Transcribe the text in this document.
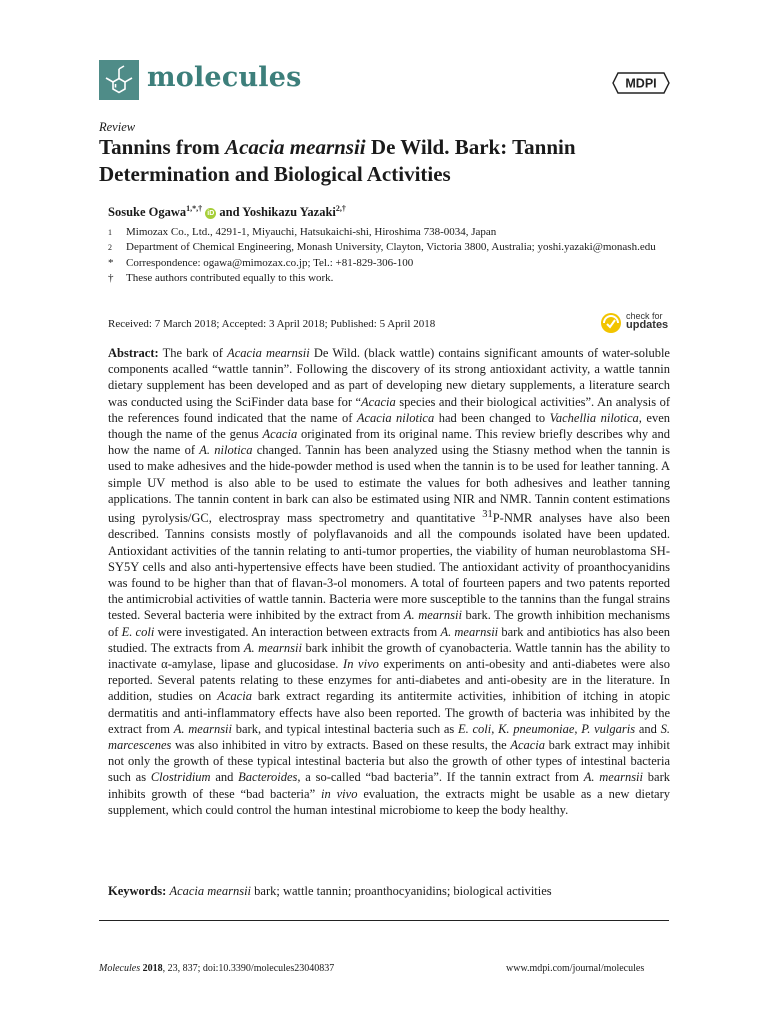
molecules	MDPI
Review
Tannins from Acacia mearnsii De Wild. Bark: Tannin Determination and Biological Activities
Sosuke Ogawa$^{1,*,\dagger}$ iD and Yoshikazu Yazaki$^{2,\dagger}$
1	Mimozax Co., Ltd., 4291-1, Miyauchi, Hatsukaichi-shi, Hiroshima 738-0034, Japan
2	Department of Chemical Engineering, Monash University, Clayton, Victoria 3800, Australia; yoshi.yazaki@monash.edu
*	Correspondence: ogawa@mimozax.co.jp; Tel.: +81-829-306-100
†	These authors contributed equally to this work.
Received: 7 March 2018; Accepted: 3 April 2018; Published: 5 April 2018
check for
updates
Abstract: The bark of Acacia mearnsii De Wild. (black wattle) contains significant amounts of water-soluble components acalled “wattle tannin”. Following the discovery of its strong antioxidant activity, a wattle tannin dietary supplement has been developed and as part of developing new dietary supplements, a literature search was conducted using the SciFinder data base for “Acacia species and their biological activities”. An analysis of the references found indicated that the name of Acacia nilotica had been changed to Vachellia nilotica, even though the name of the genus Acacia originated from its original name. This review briefly describes why and how the name of A. nilotica changed. Tannin has been analyzed using the Stiasny method when the tannin is used to make adhesives and the hide-powder method is used when the tannin is to be used for leather tanning. A simple UV method is also able to be used to estimate the values for both adhesives and leather tanning applications. The tannin content in bark can also be estimated using NIR and NMR. Tannin content estimations using pyrolysis/GC, electrospray mass spectrometry and quantitative $^{31}$P-NMR analyses have also been described. Tannins consists mostly of polyflavanoids and all the compounds isolated have been updated. Antioxidant activities of the tannin relating to anti-tumor properties, the viability of human neuroblastoma SH-SY5Y cells and also anti-hypertensive effects have been studied. The antioxidant activity of proanthocyanidins was found to be higher than that of flavan-3-ol monomers. A total of fourteen papers and two patents reported the antimicrobial activities of wattle tannin. Bacteria were more susceptible to the tannins than the fungal strains tested. Several bacteria were inhibited by the extract from A. mearnsii bark. The growth inhibition mechanisms of E. coli were investigated. An interaction between extracts from A. mearnsii bark and antibiotics has also been studied. The extracts from A. mearnsii bark inhibit the growth of cyanobacteria. Wattle tannin has the ability to inactivate α-amylase, lipase and glucosidase. In vivo experiments on anti-obesity and anti-diabetes were also reported. Several patents relating to these enzymes for anti-diabetes and anti-obesity are in the literature. In addition, studies on Acacia bark extract regarding its antitermite activities, inhibition of itching in atopic dermatitis and anti-inflammatory effects have also been reported. The growth of bacteria was inhibited by the extract from A. mearnsii bark, and typical intestinal bacteria such as E. coli, K. pneumoniae, P. vulgaris and S. marcescenes was also inhibited in vitro by extracts. Based on these results, the Acacia bark extract may inhibit not only the growth of these typical intestinal bacteria but also the growth of other types of intestinal bacteria such as Clostridium and Bacteroides, a so-called “bad bacteria”. If the tannin extract from A. mearnsii bark inhibits growth of these “bad bacteria” in vivo evaluation, the extracts might be usable as a new dietary supplement, which could control the human intestinal microbiome to keep the body healthy.
Keywords: Acacia mearnsii bark; wattle tannin; proanthocyanidins; biological activities
Molecules 2018, 23, 837; doi:10.3390/molecules23040837	www.mdpi.com/journal/molecules
